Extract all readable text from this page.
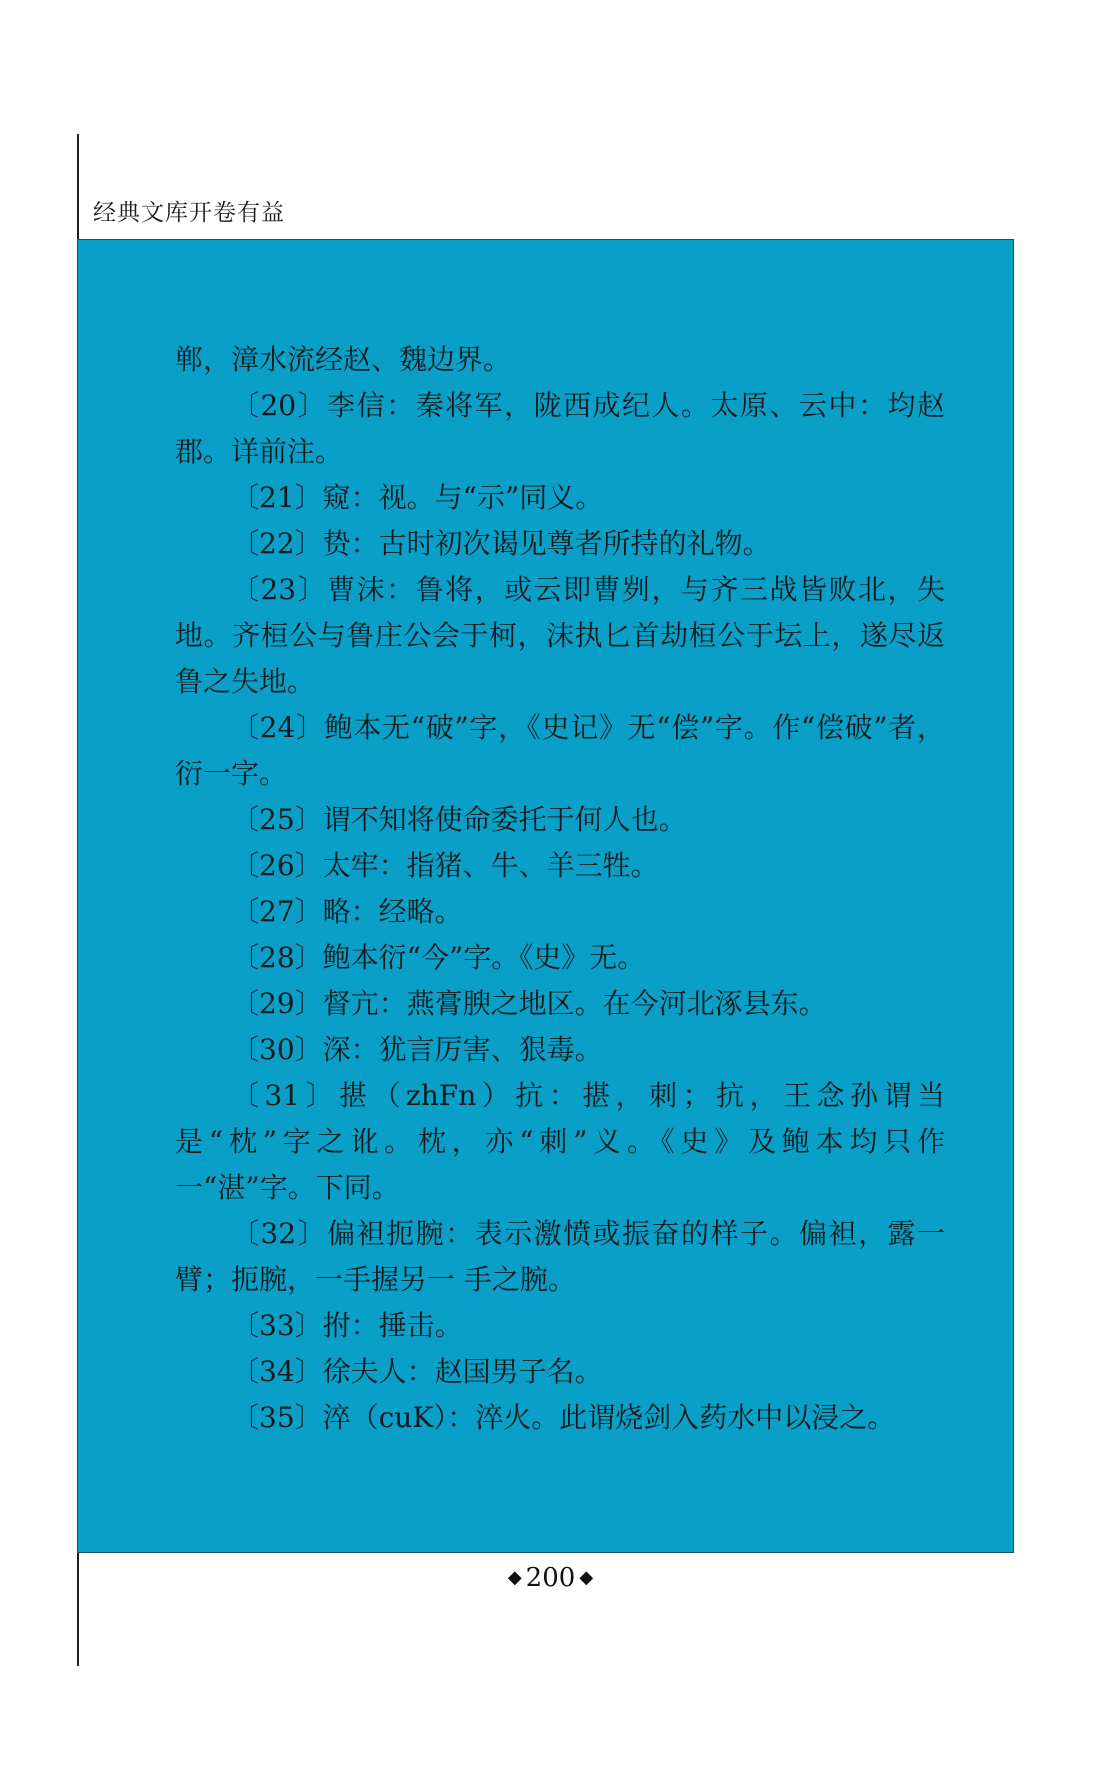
经典文库开卷有益

郸，漳水流经赵、魏边界。

〔20〕李信：秦将军，陇西成纪人。太原、云中：均赵郡。详前注。

〔21〕窥：视。与“示”同义。

〔22〕贽：古时初次谒见尊者所持的礼物。

〔23〕曹沫：鲁将，或云即曹刿，与齐三战皆败北，失地。齐桓公与鲁庄公会于柯，沫执匕首劫桓公于坛上，遂尽返鲁之失地。

〔24〕鲍本无“破”字，《史记》无“偿”字。作“偿破”者，衍一字。

〔25〕谓不知将使命委托于何人也。

〔26〕太牢：指猪、牛、羊三牲。

〔27〕略：经略。

〔28〕鲍本衍“今”字。《史》无。

〔29〕督亢：燕膏腴之地区。在今河北涿县东。

〔30〕深：犹言厉害、狠毒。

〔31〕揕（zhFn）抗：揕，刺；抗，王念孙谓当是“枕”字之讹。枕，亦“刺”义。《史》及鲍本均只作一“湛”字。下同。

〔32〕偏袒扼腕：表示激愤或振奋的样子。偏袒，露一臂；扼腕，一手握另一 手之腕。

〔33〕拊：捶击。

〔34〕徐夫人：赵国男子名。

〔35〕淬（cuK）：淬火。此谓烧剑入药水中以浸之。

◆ 200 ◆
